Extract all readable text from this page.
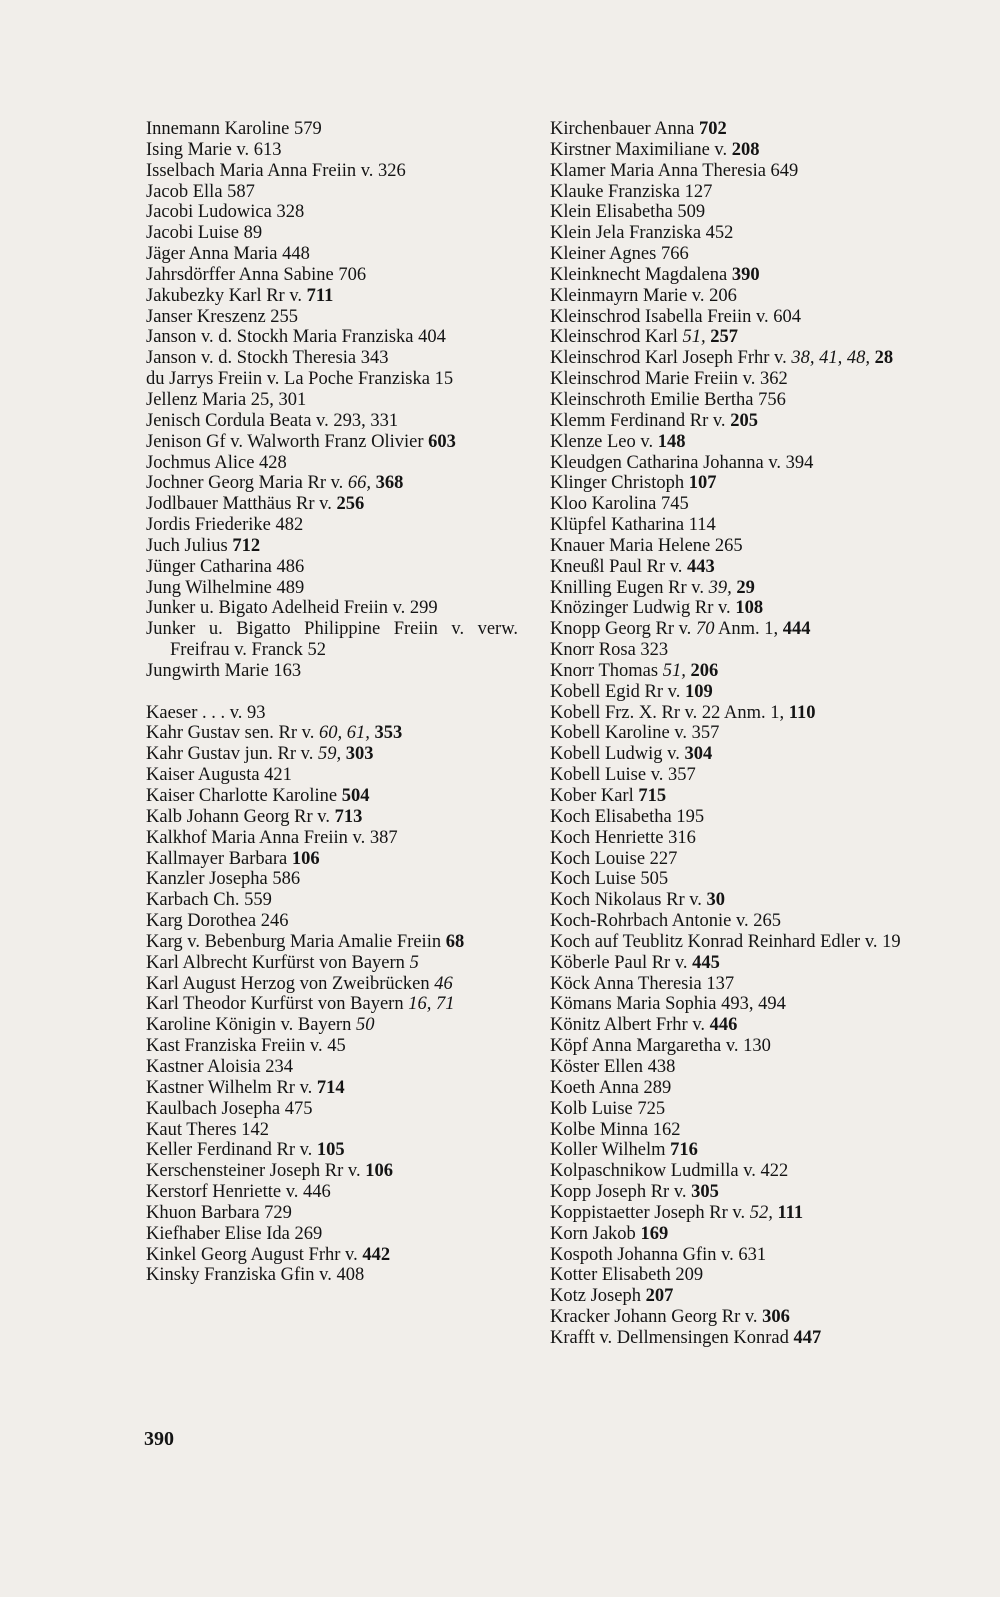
Innemann Karoline 579
Ising Marie v. 613
Isselbach Maria Anna Freiin v. 326
Jacob Ella 587
Jacobi Ludowica 328
Jacobi Luise 89
Jäger Anna Maria 448
Jahrsdörffer Anna Sabine 706
Jakubezky Karl Rr v. 711
Janser Kreszenz 255
Janson v. d. Stockh Maria Franziska 404
Janson v. d. Stockh Theresia 343
du Jarrys Freiin v. La Poche Franziska 15
Jellenz Maria 25, 301
Jenisch Cordula Beata v. 293, 331
Jenison Gf v. Walworth Franz Olivier 603
Jochmus Alice 428
Jochner Georg Maria Rr v. 66, 368
Jodlbauer Matthäus Rr v. 256
Jordis Friederike 482
Juch Julius 712
Jünger Catharina 486
Jung Wilhelmine 489
Junker u. Bigato Adelheid Freiin v. 299
Junker u. Bigatto Philippine Freiin v. verw. Freifrau v. Franck 52
Jungwirth Marie 163
Kaeser . . . v. 93
Kahr Gustav sen. Rr v. 60, 61, 353
Kahr Gustav jun. Rr v. 59, 303
Kaiser Augusta 421
Kaiser Charlotte Karoline 504
Kalb Johann Georg Rr v. 713
Kalkhof Maria Anna Freiin v. 387
Kallmayer Barbara 106
Kanzler Josepha 586
Karbach Ch. 559
Karg Dorothea 246
Karg v. Bebenburg Maria Amalie Freiin 68
Karl Albrecht Kurfürst von Bayern 5
Karl August Herzog von Zweibrücken 46
Karl Theodor Kurfürst von Bayern 16, 71
Karoline Königin v. Bayern 50
Kast Franziska Freiin v. 45
Kastner Aloisia 234
Kastner Wilhelm Rr v. 714
Kaulbach Josepha 475
Kaut Theres 142
Keller Ferdinand Rr v. 105
Kerschensteiner Joseph Rr v. 106
Kerstorf Henriette v. 446
Khuon Barbara 729
Kiefhaber Elise Ida 269
Kinkel Georg August Frhr v. 442
Kinsky Franziska Gfin v. 408
Kirchenbauer Anna 702
Kirstner Maximiliane v. 208
Klamer Maria Anna Theresia 649
Klauke Franziska 127
Klein Elisabetha 509
Klein Jela Franziska 452
Kleiner Agnes 766
Kleinknecht Magdalena 390
Kleinmayrn Marie v. 206
Kleinschrod Isabella Freiin v. 604
Kleinschrod Karl 51, 257
Kleinschrod Karl Joseph Frhr v. 38, 41, 48, 28
Kleinschrod Marie Freiin v. 362
Kleinschroth Emilie Bertha 756
Klemm Ferdinand Rr v. 205
Klenze Leo v. 148
Kleudgen Catharina Johanna v. 394
Klinger Christoph 107
Kloo Karolina 745
Klüpfel Katharina 114
Knauer Maria Helene 265
Kneußl Paul Rr v. 443
Knilling Eugen Rr v. 39, 29
Knözinger Ludwig Rr v. 108
Knopp Georg Rr v. 70 Anm. 1, 444
Knorr Rosa 323
Knorr Thomas 51, 206
Kobell Egid Rr v. 109
Kobell Frz. X. Rr v. 22 Anm. 1, 110
Kobell Karoline v. 357
Kobell Ludwig v. 304
Kobell Luise v. 357
Kober Karl 715
Koch Elisabetha 195
Koch Henriette 316
Koch Louise 227
Koch Luise 505
Koch Nikolaus Rr v. 30
Koch-Rohrbach Antonie v. 265
Koch auf Teublitz Konrad Reinhard Edler v. 19
Köberle Paul Rr v. 445
Köck Anna Theresia 137
Kömans Maria Sophia 493, 494
Könitz Albert Frhr v. 446
Köpf Anna Margaretha v. 130
Köster Ellen 438
Koeth Anna 289
Kolb Luise 725
Kolbe Minna 162
Koller Wilhelm 716
Kolpaschnikow Ludmilla v. 422
Kopp Joseph Rr v. 305
Koppistaetter Joseph Rr v. 52, 111
Korn Jakob 169
Kospoth Johanna Gfin v. 631
Kotter Elisabeth 209
Kotz Joseph 207
Kracker Johann Georg Rr v. 306
Krafft v. Dellmensingen Konrad 447
390
